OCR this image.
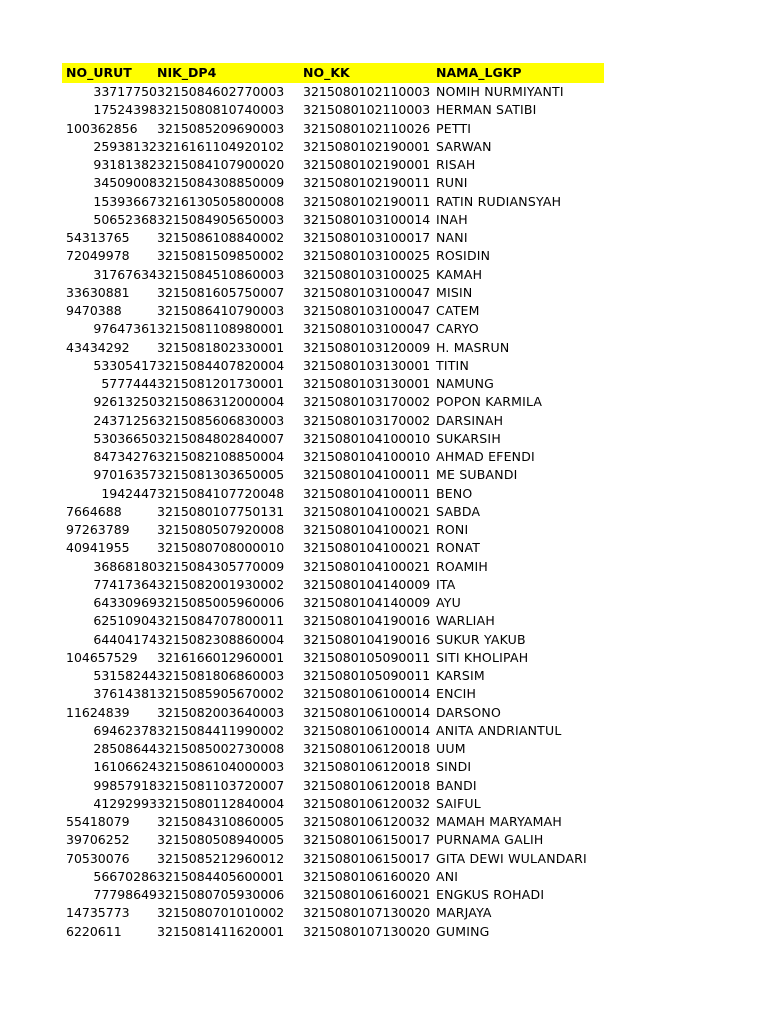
NO_URUT NIK_DP4	NO_KK	NAMA_LGKP
33717750 3215084602770003 3215080102110003 NOMIH NURMIYANTI
17524398 3215080810740003 3215080102110003 HERMAN SATIBI
100362856 3215085209690003 3215080102110026 PETTI
25938132 3216161104920102 3215080102190001 SARWAN
93181382 3215084107900020 3215080102190001 RISAH
34509008 3215084308850009 3215080102190011 RUNI
15393667 3216130505800008 3215080102190011 RATIN RUDIANSYAH
50652368 3215084905650003 3215080103100014 INAH
54313765 3215086108840002 3215080103100017 NANI
72049978 3215081509850002 3215080103100025 ROSIDIN
31767634 3215084510860003 3215080103100025 KAMAH
33630881 3215081605750007 3215080103100047 MISIN
9470388	3215086410790003 3215080103100047 CATEM
97647361 3215081108980001 3215080103100047 CARYO
43434292 3215081802330001 3215080103120009 H. MASRUN
53305417 3215084407820004 3215080103130001 TITIN
5777444 3215081201730001 3215080103130001 NAMUNG
92613250 3215086312000004 3215080103170002 POPON KARMILA
24371256 3215085606830003 3215080103170002 DARSINAH
53036650 3215084802840007 3215080104100010 SUKARSIH
84734276 3215082108850004 3215080104100010 AHMAD EFENDI
97016357 3215081303650005 3215080104100011 ME SUBANDI
1942447 3215084107720048 3215080104100011 BENO
7664688	3215080107750131 3215080104100021 SABDA
97263789 3215080507920008 3215080104100021 RONI
40941955 3215080708000010 3215080104100021 RONAT
36868180 3215084305770009 3215080104100021 ROAMIH
77417364 3215082001930002 3215080104140009 ITA
64330969 3215085005960006 3215080104140009 AYU
62510904 3215084707800011 3215080104190016 WARLIAH
64404174 3215082308860004 3215080104190016 SUKUR YAKUB
104657529 3216166012960001 3215080105090011 SITI KHOLIPAH
53158244 3215081806860003 3215080105090011 KARSIM
37614381 3215085905670002 3215080106100014 ENCIH
11624839 3215082003640003 3215080106100014 DARSONO
69462378 3215084411990002 3215080106100014 ANITA ANDRIANTUL
28508644 3215085002730008 3215080106120018 UUM
16106624 3215086104000003 3215080106120018 SINDI
99857918 3215081103720007 3215080106120018 BANDI
41292993 3215080112840004 3215080106120032 SAIFUL
55418079 3215084310860005 3215080106120032 MAMAH MARYAMAH
39706252 3215080508940005 3215080106150017 PURNAMA GALIH
70530076 3215085212960012 3215080106150017 GITA DEWI WULANDARI
56670286 3215084405600001 3215080106160020 ANI
77798649 3215080705930006 3215080106160021 ENGKUS ROHADI
14735773 3215080701010002 3215080107130020 MARJAYA
6220611	3215081411620001 3215080107130020 GUMING
